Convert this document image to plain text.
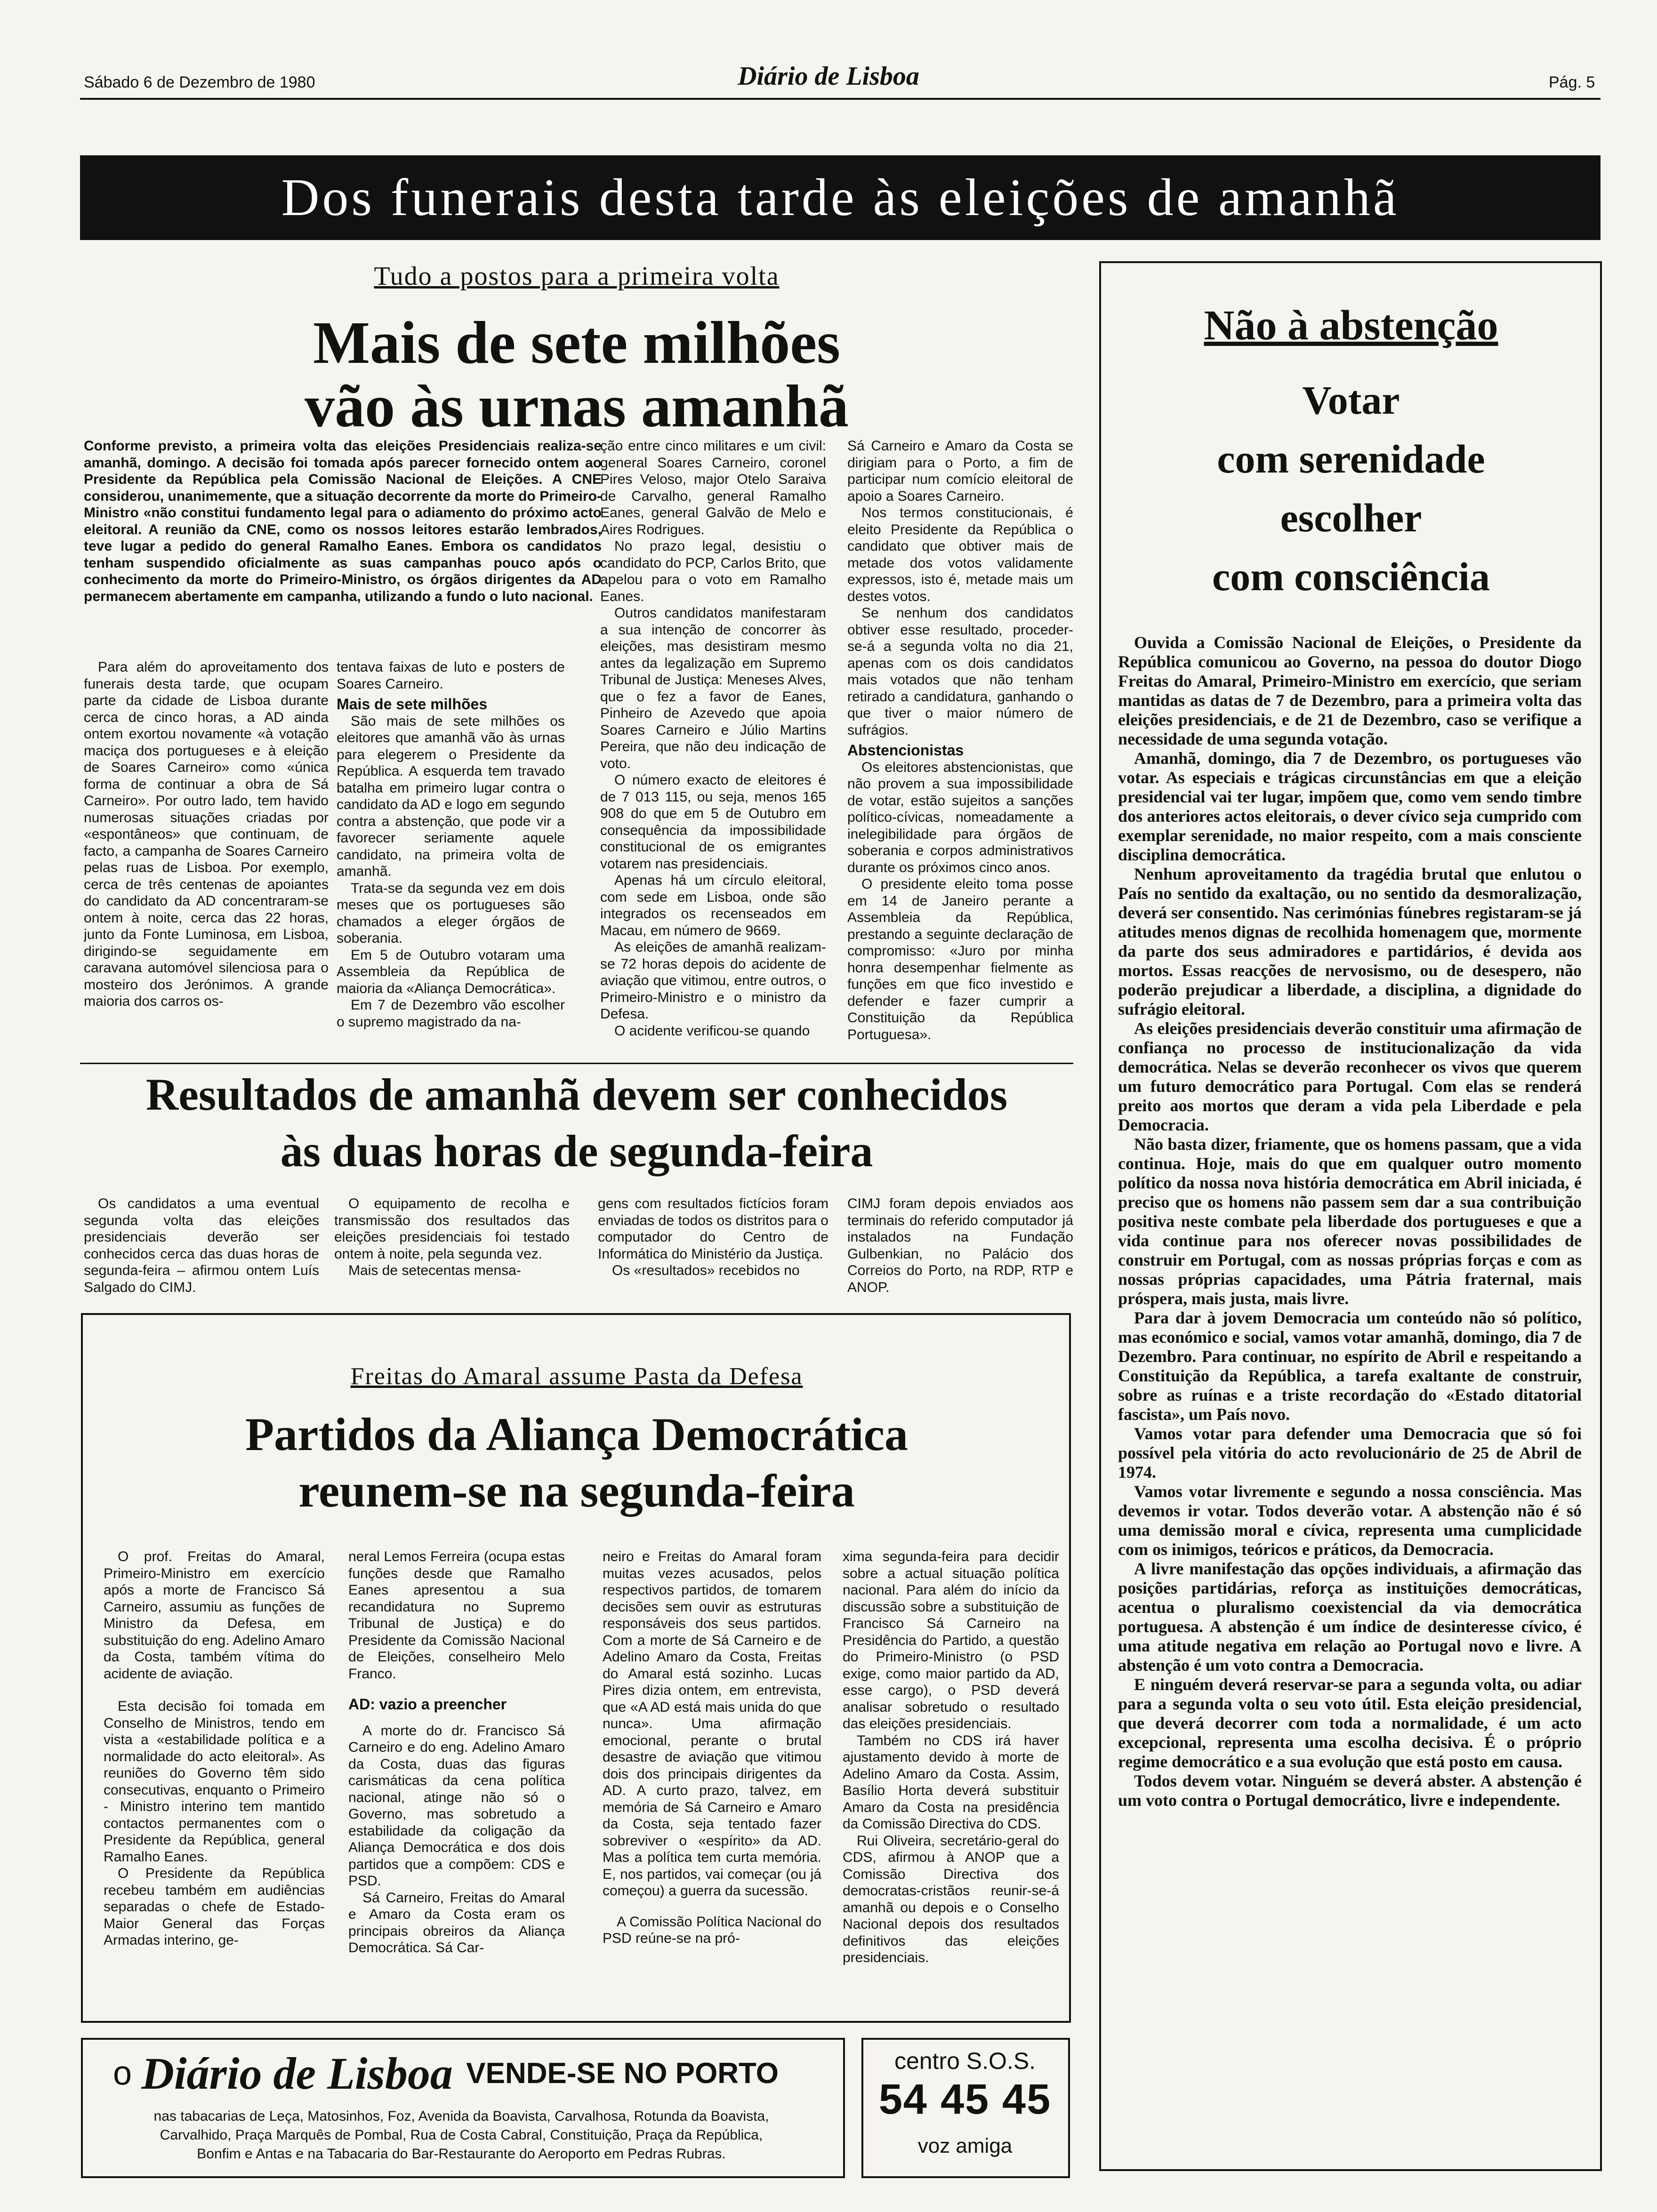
Sábado 6 de Dezembro de 1980	Diário de Lisboa	Pág. 5
Dos funerais desta tarde às eleições de amanhã
Tudo a postos para a primeira volta
Mais de sete milhões
vão às urnas amanhã
Conforme previsto, a primeira volta das eleições Presidenciais realiza-se amanhã, domingo. A decisão foi tomada após parecer fornecido ontem ao Presidente da República pela Comissão Nacional de Eleições. A CNE considerou, unanimemente, que a situação decorrente da morte do Primeiro-Ministro «não constitui fundamento legal para o adiamento do próximo acto eleitoral. A reunião da CNE, como os nossos leitores estarão lembrados, teve lugar a pedido do general Ramalho Eanes. Embora os candidatos tenham suspendido oficialmente as suas campanhas pouco após o conhecimento da morte do Primeiro-Ministro, os órgãos dirigentes da AD permanecem abertamente em campanha, utilizando a fundo o luto nacional.

Para além do aproveitamento dos funerais desta tarde, que ocupam parte da cidade de Lisboa durante cerca de cinco horas, a AD ainda ontem exortou novamente «à votação maciça dos portugueses e à eleição de Soares Carneiro» como «única forma de continuar a obra de Sá Carneiro». Por outro lado, tem havido numerosas situações criadas por «espontâneos» que continuam, de facto, a campanha de Soares Carneiro pelas ruas de Lisboa. Por exemplo, cerca de três centenas de apoiantes do candidato da AD concentraram-se ontem à noite, cerca das 22 horas, junto da Fonte Luminosa, em Lisboa, dirigindo-se seguidamente em caravana automóvel silenciosa para o mosteiro dos Jerónimos. A grande maioria dos carros os-

tentava faixas de luto e posters de Soares Carneiro.

Mais de sete milhões

São mais de sete milhões os eleitores que amanhã vão às urnas para elegerem o Presidente da República. A esquerda tem travado batalha em primeiro lugar contra o candidato da AD e logo em segundo contra a abstenção, que pode vir a favorecer seriamente aquele candidato, na primeira volta de amanhã.

Trata-se da segunda vez em dois meses que os portugueses são chamados a eleger órgãos de soberania.

Em 5 de Outubro votaram uma Assembleia da República de maioria da «Aliança Democrática».

Em 7 de Dezembro vão escolher o supremo magistrado da na-

ção entre cinco militares e um civil: general Soares Carneiro, coronel Pires Veloso, major Otelo Saraiva de Carvalho, general Ramalho Eanes, general Galvão de Melo e Aires Rodrigues.

No prazo legal, desistiu o candidato do PCP, Carlos Brito, que apelou para o voto em Ramalho Eanes.

Outros candidatos manifestaram a sua intenção de concorrer às eleições, mas desistiram mesmo antes da legalização em Supremo Tribunal de Justiça: Meneses Alves, que o fez a favor de Eanes, Pinheiro de Azevedo que apoia Soares Carneiro e Júlio Martins Pereira, que não deu indicação de voto.

O número exacto de eleitores é de 7 013 115, ou seja, menos 165 908 do que em 5 de Outubro em consequência da impossibilidade constitucional de os emigrantes votarem nas presidenciais.

Apenas há um círculo eleitoral, com sede em Lisboa, onde são integrados os recenseados em Macau, em número de 9669.

As eleições de amanhã realizam-se 72 horas depois do acidente de aviação que vitimou, entre outros, o Primeiro-Ministro e o ministro da Defesa.

O acidente verificou-se quando

Sá Carneiro e Amaro da Costa se dirigiam para o Porto, a fim de participar num comício eleitoral de apoio a Soares Carneiro.

Nos termos constitucionais, é eleito Presidente da República o candidato que obtiver mais de metade dos votos validamente expressos, isto é, metade mais um destes votos.

Se nenhum dos candidatos obtiver esse resultado, proceder-se-á a segunda volta no dia 21, apenas com os dois candidatos mais votados que não tenham retirado a candidatura, ganhando o que tiver o maior número de sufrágios.

Abstencionistas

Os eleitores abstencionistas, que não provem a sua impossibilidade de votar, estão sujeitos a sanções político-cívicas, nomeadamente a inelegibilidade para órgãos de soberania e corpos administrativos durante os próximos cinco anos.

O presidente eleito toma posse em 14 de Janeiro perante a Assembleia da República, prestando a seguinte declaração de compromisso: «Juro por minha honra desempenhar fielmente as funções em que fico investido e defender e fazer cumprir a Constituição da República Portuguesa».

Resultados de amanhã devem ser conhecidos
às duas horas de segunda-feira

Os candidatos a uma eventual segunda volta das eleições presidenciais deverão ser conhecidos cerca das duas horas de segunda-feira – afirmou ontem Luís Salgado do CIMJ.

O equipamento de recolha e transmissão dos resultados das eleições presidenciais foi testado ontem à noite, pela segunda vez.

Mais de setecentas mensa-

gens com resultados fictícios foram enviadas de todos os distritos para o computador do Centro de Informática do Ministério da Justiça.

Os «resultados» recebidos no

CIMJ foram depois enviados aos terminais do referido computador já instalados na Fundação Gulbenkian, no Palácio dos Correios do Porto, na RDP, RTP e ANOP.

Freitas do Amaral assume Pasta da Defesa
Partidos da Aliança Democrática
reunem-se na segunda-feira

O prof. Freitas do Amaral, Primeiro-Ministro em exercício após a morte de Francisco Sá Carneiro, assumiu as funções de Ministro da Defesa, em substituição do eng. Adelino Amaro da Costa, também vítima do acidente de aviação.

Esta decisão foi tomada em Conselho de Ministros, tendo em vista a «estabilidade política e a normalidade do acto eleitoral». As reuniões do Governo têm sido consecutivas, enquanto o Primeiro - Ministro interino tem mantido contactos permanentes com o Presidente da República, general Ramalho Eanes.

O Presidente da República recebeu também em audiências separadas o chefe de Estado-Maior General das Forças Armadas interino, ge-

neral Lemos Ferreira (ocupa estas funções desde que Ramalho Eanes apresentou a sua recandidatura no Supremo Tribunal de Justiça) e do Presidente da Comissão Nacional de Eleições, conselheiro Melo Franco.

AD: vazio a preencher

A morte do dr. Francisco Sá Carneiro e do eng. Adelino Amaro da Costa, duas das figuras carismáticas da cena política nacional, atinge não só o Governo, mas sobretudo a estabilidade da coligação da Aliança Democrática e dos dois partidos que a compõem: CDS e PSD.

Sá Carneiro, Freitas do Amaral e Amaro da Costa eram os principais obreiros da Aliança Democrática. Sá Car-

neiro e Freitas do Amaral foram muitas vezes acusados, pelos respectivos partidos, de tomarem decisões sem ouvir as estruturas responsáveis dos seus partidos. Com a morte de Sá Carneiro e de Adelino Amaro da Costa, Freitas do Amaral está sozinho. Lucas Pires dizia ontem, em entrevista, que «A AD está mais unida do que nunca». Uma afirmação emocional, perante o brutal desastre de aviação que vitimou dois dos principais dirigentes da AD. A curto prazo, talvez, em memória de Sá Carneiro e Amaro da Costa, seja tentado fazer sobreviver o «espírito» da AD. Mas a política tem curta memória. E, nos partidos, vai começar (ou já começou) a guerra da sucessão.

A Comissão Política Nacional do PSD reúne-se na pró-

xima segunda-feira para decidir sobre a actual situação política nacional. Para além do início da discussão sobre a substituição de Francisco Sá Carneiro na Presidência do Partido, a questão do Primeiro-Ministro (o PSD exige, como maior partido da AD, esse cargo), o PSD deverá analisar sobretudo o resultado das eleições presidenciais.

Também no CDS irá haver ajustamento devido à morte de Adelino Amaro da Costa. Assim, Basílio Horta deverá substituir Amaro da Costa na presidência da Comissão Directiva do CDS.

Rui Oliveira, secretário-geral do CDS, afirmou à ANOP que a Comissão Directiva dos democratas-cristãos reunir-se-á amanhã ou depois e o Conselho Nacional depois dos resultados definitivos das eleições presidenciais.

Não à abstenção
Votar
com serenidade
escolher
com consciência

Ouvida a Comissão Nacional de Eleições, o Presidente da República comunicou ao Governo, na pessoa do doutor Diogo Freitas do Amaral, Primeiro-Ministro em exercício, que seriam mantidas as datas de 7 de Dezembro, para a primeira volta das eleições presidenciais, e de 21 de Dezembro, caso se verifique a necessidade de uma segunda votação.

Amanhã, domingo, dia 7 de Dezembro, os portugueses vão votar. As especiais e trágicas circunstâncias em que a eleição presidencial vai ter lugar, impõem que, como vem sendo timbre dos anteriores actos eleitorais, o dever cívico seja cumprido com exemplar serenidade, no maior respeito, com a mais consciente disciplina democrática.

Nenhum aproveitamento da tragédia brutal que enlutou o País no sentido da exaltação, ou no sentido da desmoralização, deverá ser consentido. Nas cerimónias fúnebres registaram-se já atitudes menos dignas de recolhida homenagem que, mormente da parte dos seus admiradores e partidários, é devida aos mortos. Essas reacções de nervosismo, ou de desespero, não poderão prejudicar a liberdade, a disciplina, a dignidade do sufrágio eleitoral.

As eleições presidenciais deverão constituir uma afirmação de confiança no processo de institucionalização da vida democrática. Nelas se deverão reconhecer os vivos que querem um futuro democrático para Portugal. Com elas se renderá preito aos mortos que deram a vida pela Liberdade e pela Democracia.

Não basta dizer, friamente, que os homens passam, que a vida continua. Hoje, mais do que em qualquer outro momento político da nossa nova história democrática em Abril iniciada, é preciso que os homens não passem sem dar a sua contribuição positiva neste combate pela liberdade dos portugueses e que a vida continue para nos oferecer novas possibilidades de construir em Portugal, com as nossas próprias forças e com as nossas próprias capacidades, uma Pátria fraternal, mais próspera, mais justa, mais livre.

Para dar à jovem Democracia um conteúdo não só político, mas económico e social, vamos votar amanhã, domingo, dia 7 de Dezembro. Para continuar, no espírito de Abril e respeitando a Constituição da República, a tarefa exaltante de construir, sobre as ruínas e a triste recordação do «Estado ditatorial fascista», um País novo.

Vamos votar para defender uma Democracia que só foi possível pela vitória do acto revolucionário de 25 de Abril de 1974.

Vamos votar livremente e segundo a nossa consciência. Mas devemos ir votar. Todos deverão votar. A abstenção não é só uma demissão moral e cívica, representa uma cumplicidade com os inimigos, teóricos e práticos, da Democracia.

A livre manifestação das opções individuais, a afirmação das posições partidárias, reforça as instituições democráticas, acentua o pluralismo coexistencial da via democrática portuguesa. A abstenção é um índice de desinteresse cívico, é uma atitude negativa em relação ao Portugal novo e livre. A abstenção é um voto contra a Democracia.

E ninguém deverá reservar-se para a segunda volta, ou adiar para a segunda volta o seu voto útil. Esta eleição presidencial, que deverá decorrer com toda a normalidade, é um acto excepcional, representa uma escolha decisiva. É o próprio regime democrático e a sua evolução que está posto em causa.

Todos devem votar. Ninguém se deverá abster. A abstenção é um voto contra o Portugal democrático, livre e independente.

o Diário de Lisboa VENDE-SE NO PORTO
nas tabacarias de Leça, Matosinhos, Foz, Avenida da Boavista, Carvalhosa, Rotunda da Boavista,
Carvalhido, Praça Marquês de Pombal, Rua de Costa Cabral, Constituição, Praça da República,
Bonfim e Antas e na Tabacaria do Bar-Restaurante do Aeroporto em Pedras Rubras.
centro S.O.S.
54 45 45
voz amiga
